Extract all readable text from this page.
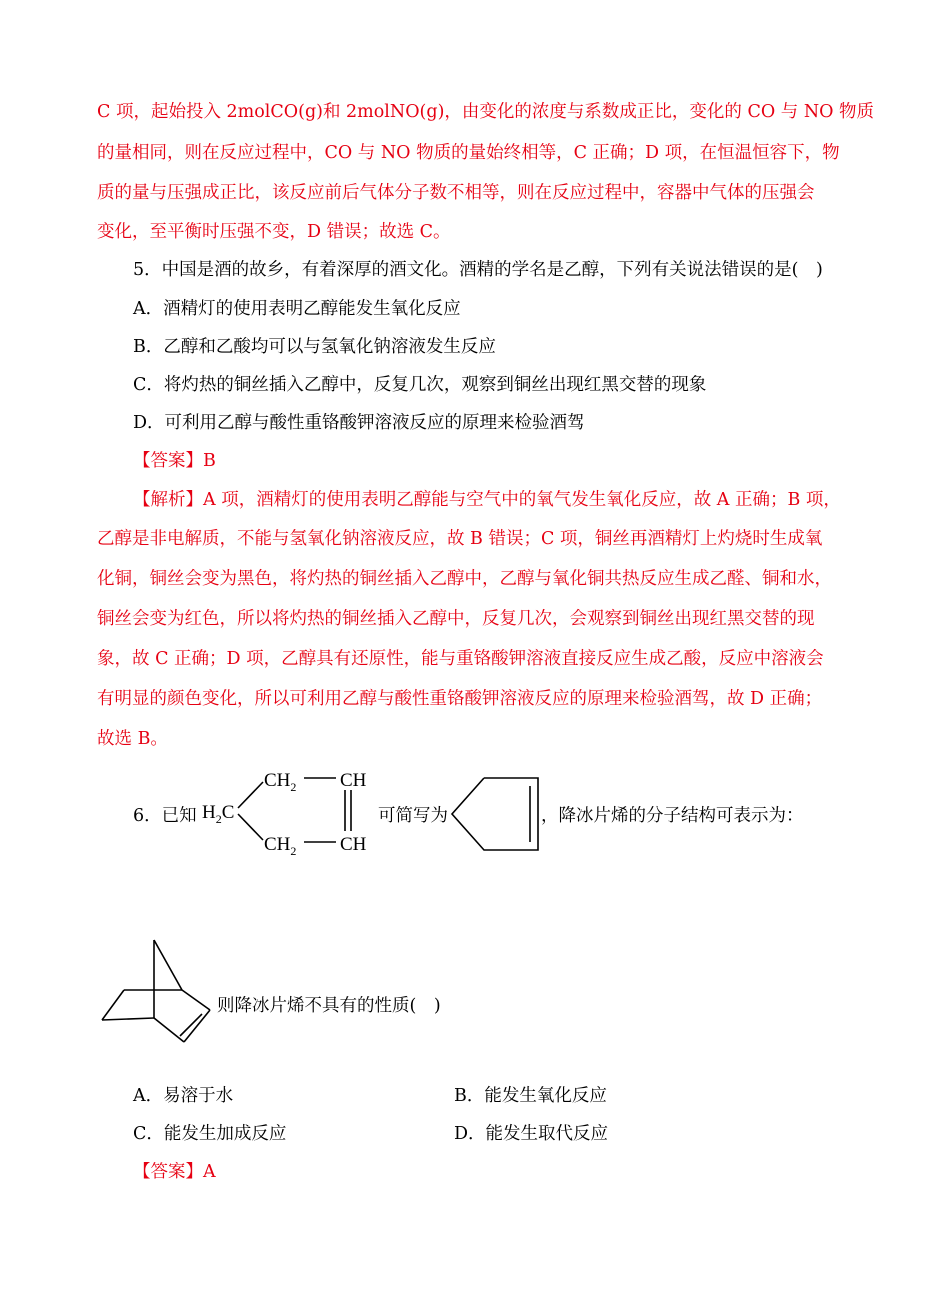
C 项，起始投入 2molCO(g)和 2molNO(g)，由变化的浓度与系数成正比，变化的 CO 与 NO 物质
的量相同，则在反应过程中，CO 与 NO 物质的量始终相等，C 正确；D 项，在恒温恒容下，物
质的量与压强成正比，该反应前后气体分子数不相等，则在反应过程中，容器中气体的压强会
变化，至平衡时压强不变，D 错误；故选 C。
5．中国是酒的故乡，有着深厚的酒文化。酒精的学名是乙醇，下列有关说法错误的是(　)
A．酒精灯的使用表明乙醇能发生氧化反应
B．乙醇和乙酸均可以与氢氧化钠溶液发生反应
C．将灼热的铜丝插入乙醇中，反复几次，观察到铜丝出现红黑交替的现象
D．可利用乙醇与酸性重铬酸钾溶液反应的原理来检验酒驾
【答案】B
【解析】A 项，酒精灯的使用表明乙醇能与空气中的氧气发生氧化反应，故 A 正确；B 项，
乙醇是非电解质，不能与氢氧化钠溶液反应，故 B 错误；C 项，铜丝再酒精灯上灼烧时生成氧
化铜，铜丝会变为黑色，将灼热的铜丝插入乙醇中，乙醇与氧化铜共热反应生成乙醛、铜和水，
铜丝会变为红色，所以将灼热的铜丝插入乙醇中，反复几次，会观察到铜丝出现红黑交替的现
象，故 C 正确；D 项，乙醇具有还原性，能与重铬酸钾溶液直接反应生成乙酸，反应中溶液会
有明显的颜色变化，所以可利用乙醇与酸性重铬酸钾溶液反应的原理来检验酒驾，故 D 正确；
故选 B。
6．已知
$CH_2$ CH
$H_2C$
$CH_2$ CH
可简写为	，降冰片烯的分子结构可表示为：
则降冰片烯不具有的性质(　)
A．易溶于水	B．能发生氧化反应
C．能发生加成反应	D．能发生取代反应
【答案】A
